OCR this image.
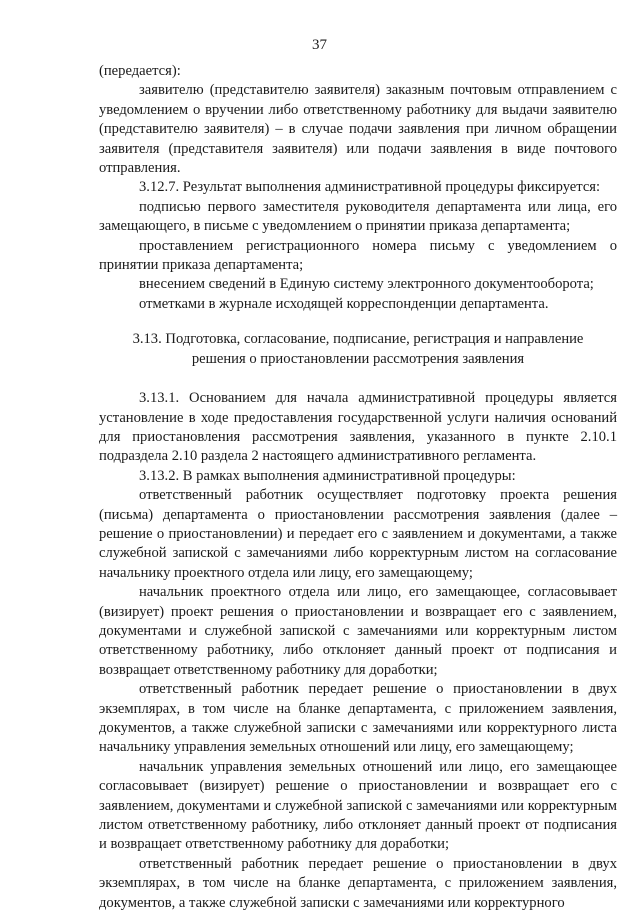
37

(передается):

заявителю (представителю заявителя) заказным почтовым отправлением с уведомлением о вручении либо ответственному работнику для выдачи заявителю (представителю заявителя) – в случае подачи заявления при личном обращении заявителя (представителя заявителя) или подачи заявления в виде почтового отправления.

3.12.7. Результат выполнения административной процедуры фиксируется:

подписью первого заместителя руководителя департамента или лица, его замещающего, в письме с уведомлением о принятии приказа департамента;

проставлением регистрационного номера письму с уведомлением о принятии приказа департамента;

внесением сведений в Единую систему электронного документооборота;

отметками в журнале исходящей корреспонденции департамента.

3.13. Подготовка, согласование, подписание, регистрация и направление
решения о приостановлении рассмотрения заявления

3.13.1. Основанием для начала административной процедуры является установление в ходе предоставления государственной услуги наличия оснований для приостановления рассмотрения заявления, указанного в пункте 2.10.1 подраздела 2.10 раздела 2 настоящего административного регламента.

3.13.2. В рамках выполнения административной процедуры:

ответственный работник осуществляет подготовку проекта решения (письма) департамента о приостановлении рассмотрения заявления (далее – решение о приостановлении) и передает его с заявлением и документами, а также служебной запиской с замечаниями либо корректурным листом на согласование начальнику проектного отдела или лицу, его замещающему;

начальник проектного отдела или лицо, его замещающее, согласовывает (визирует) проект решения о приостановлении и возвращает его с заявлением, документами и служебной запиской с замечаниями или корректурным листом ответственному работнику, либо отклоняет данный проект от подписания и возвращает ответственному работнику для доработки;

ответственный работник передает решение о приостановлении в двух экземплярах, в том числе на бланке департамента, с приложением заявления, документов, а также служебной записки с замечаниями или корректурного листа начальнику управления земельных отношений или лицу, его замещающему;

начальник управления земельных отношений или лицо, его замещающее согласовывает (визирует) решение о приостановлении и возвращает его с заявлением, документами и служебной запиской с замечаниями или корректурным листом ответственному работнику, либо отклоняет данный проект от подписания и возвращает ответственному работнику для доработки;

ответственный работник передает решение о приостановлении в двух экземплярах, в том числе на бланке департамента, с приложением заявления, документов, а также служебной записки с замечаниями или корректурного
